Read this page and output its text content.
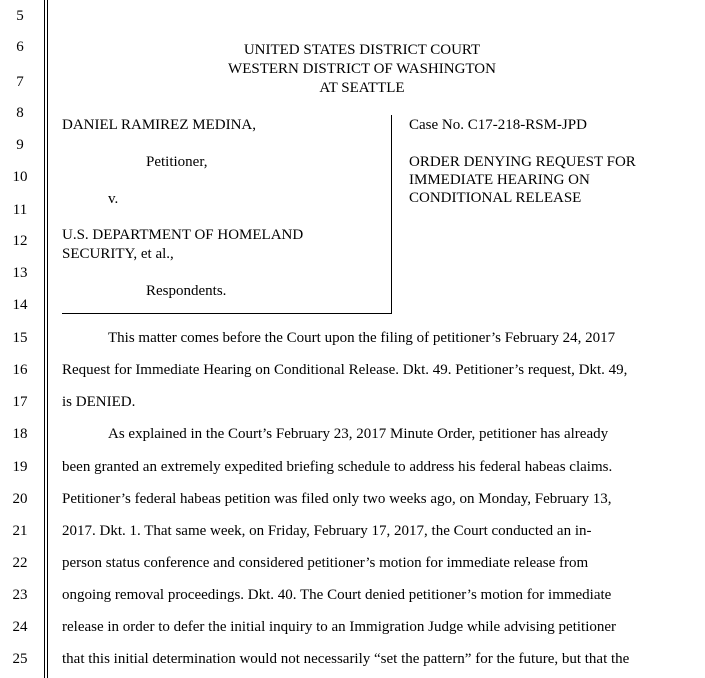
5
6
7
8
9
10
11
12
13
14
15
16
17
18
19
20
21
22
23
24
25
UNITED STATES DISTRICT COURT
WESTERN DISTRICT OF WASHINGTON
AT SEATTLE
DANIEL RAMIREZ MEDINA,
Petitioner,
v.
U.S. DEPARTMENT OF HOMELAND
SECURITY, et al.,
Respondents.
Case No. C17-218-RSM-JPD
ORDER DENYING REQUEST FOR
IMMEDIATE HEARING ON
CONDITIONAL RELEASE
This matter comes before the Court upon the filing of petitioner’s February 24, 2017
Request for Immediate Hearing on Conditional Release. Dkt. 49. Petitioner’s request, Dkt. 49,
is DENIED.
As explained in the Court’s February 23, 2017 Minute Order, petitioner has already
been granted an extremely expedited briefing schedule to address his federal habeas claims.
Petitioner’s federal habeas petition was filed only two weeks ago, on Monday, February 13,
2017. Dkt. 1. That same week, on Friday, February 17, 2017, the Court conducted an in-
person status conference and considered petitioner’s motion for immediate release from
ongoing removal proceedings. Dkt. 40. The Court denied petitioner’s motion for immediate
release in order to defer the initial inquiry to an Immigration Judge while advising petitioner
that this initial determination would not necessarily “set the pattern” for the future, but that the
